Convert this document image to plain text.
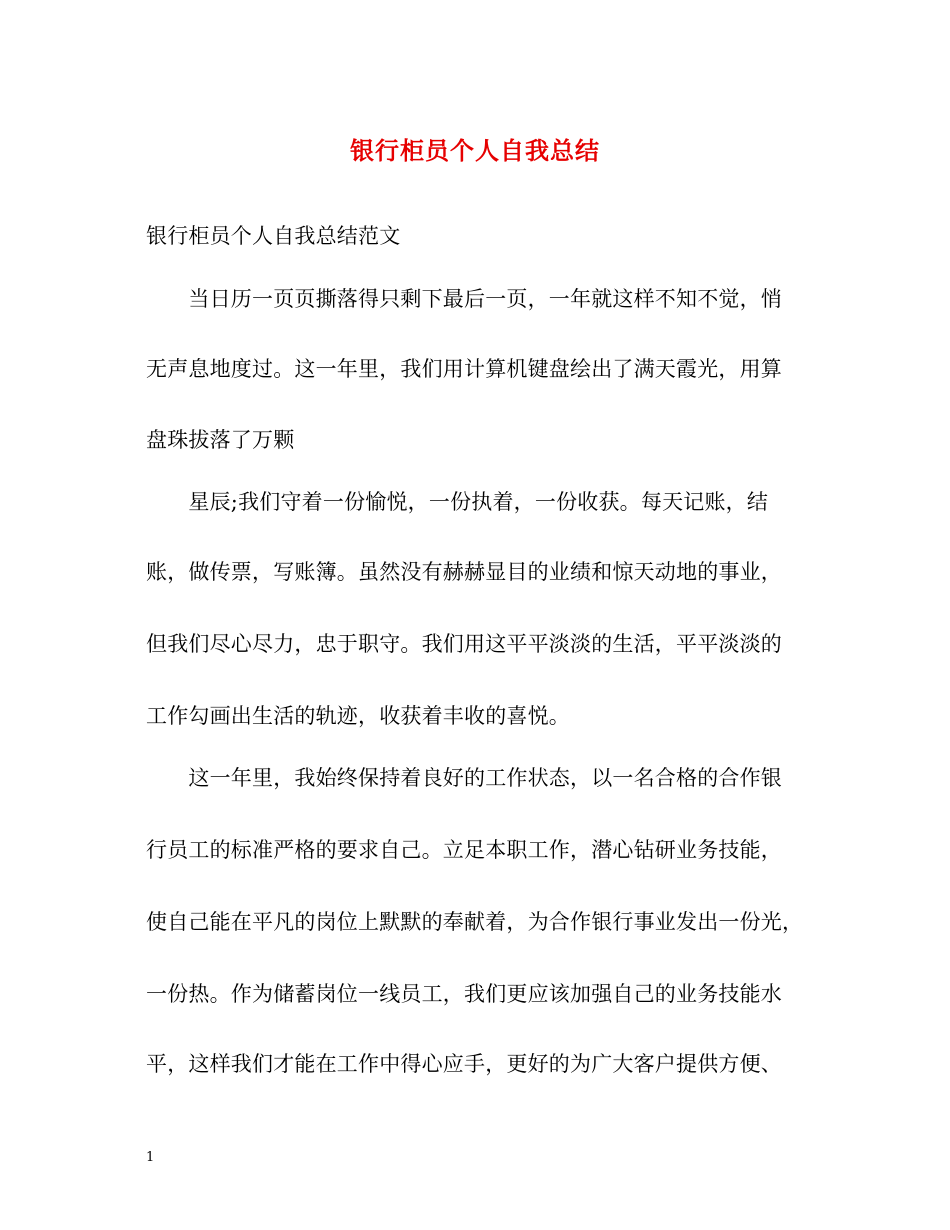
银行柜员个人自我总结
银行柜员个人自我总结范文
　　当日历一页页撕落得只剩下最后一页，一年就这样不知不觉，悄
无声息地度过。这一年里，我们用计算机键盘绘出了满天霞光，用算
盘珠拔落了万颗
　　星辰;我们守着一份愉悦，一份执着，一份收获。每天记账，结
账，做传票，写账簿。虽然没有赫赫显目的业绩和惊天动地的事业，
但我们尽心尽力，忠于职守。我们用这平平淡淡的生活，平平淡淡的
工作勾画出生活的轨迹，收获着丰收的喜悦。
　　这一年里，我始终保持着良好的工作状态，以一名合格的合作银
行员工的标准严格的要求自己。立足本职工作，潜心钻研业务技能，
使自己能在平凡的岗位上默默的奉献着，为合作银行事业发出一份光，
一份热。作为储蓄岗位一线员工，我们更应该加强自己的业务技能水
平，这样我们才能在工作中得心应手，更好的为广大客户提供方便、
1
